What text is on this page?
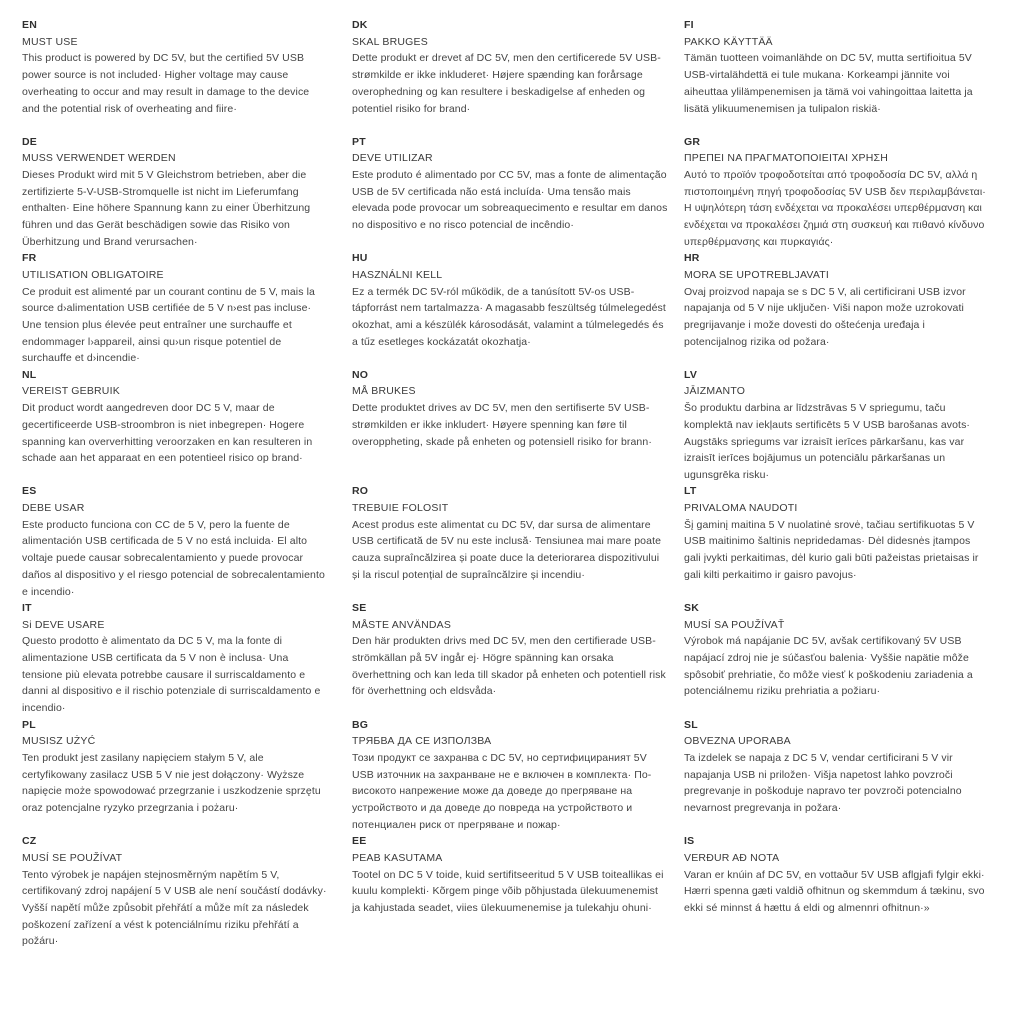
EN
MUST USE

This product is powered by DC 5V, but the certified 5V USB power source is not included· Higher voltage may cause overheating to occur and may result in damage to the device and the potential risk of overheating and fiire·

DE
MUSS VERWENDET WERDEN

Dieses Produkt wird mit 5 V Gleichstrom betrieben, aber die zertifizierte 5-V-USB-Stromquelle ist nicht im Lieferumfang enthalten· Eine höhere Spannung kann zu einer Überhitzung führen und das Gerät beschädigen sowie das Risiko von Überhitzung und Brand verursachen·

FR
UTILISATION OBLIGATOIRE

Ce produit est alimenté par un courant continu de 5 V, mais la source d›alimentation USB certifiée de 5 V n›est pas incluse· Une tension plus élevée peut entraîner une surchauffe et endommager l›appareil, ainsi qu›un risque potentiel de surchauffe et d›incendie·

NL
VEREIST GEBRUIK

Dit product wordt aangedreven door DC 5 V, maar de gecertificeerde USB-stroombron is niet inbegrepen· Hogere spanning kan oververhitting veroorzaken en kan resulteren in schade aan het apparaat en een potentieel risico op brand·

ES
DEBE USAR

Este producto funciona con CC de 5 V, pero la fuente de alimentación USB certificada de 5 V no está incluida· El alto voltaje puede causar sobrecalentamiento y puede provocar daños al dispositivo y el riesgo potencial de sobrecalentamiento e incendio·

IT
Si DEVE USARE

Questo prodotto è alimentato da DC 5 V, ma la fonte di alimentazione USB certificata da 5 V non è inclusa· Una tensione più elevata potrebbe causare il surriscaldamento e danni al dispositivo e il rischio potenziale di surriscaldamento e incendio·

PL
MUSISZ UŻYĆ

Ten produkt jest zasilany napięciem stałym 5 V, ale certyfikowany zasilacz USB 5 V nie jest dołączony· Wyższe napięcie może spowodować przegrzanie i uszkodzenie sprzętu oraz potencjalne ryzyko przegrzania i pożaru·

CZ
MUSÍ SE POUŽÍVAT

Tento výrobek je napájen stejnosměrným napětím 5 V, certifikovaný zdroj napájení 5 V USB ale není součástí dodávky· Vyšší napětí může způsobit přehřátí a může mít za následek poškození zařízení a vést k potenciálnímu riziku přehřátí a požáru·

DK
SKAL BRUGES

Dette produkt er drevet af DC 5V, men den certificerede 5V USB-strømkilde er ikke inkluderet· Højere spænding kan forårsage overophedning og kan resultere i beskadigelse af enheden og potentiel risiko for brand·

PT
DEVE UTILIZAR

Este produto é alimentado por CC 5V, mas a fonte de alimentação USB de 5V certificada não está incluída· Uma tensão mais elevada pode provocar um sobreaquecimento e resultar em danos no dispositivo e no risco potencial de incêndio·

HU
HASZNÁLNI KELL

Ez a termék DC 5V-ról működik, de a tanúsított 5V-os USB-tápforrást nem tartalmazza· A magasabb feszültség túlmelegedést okozhat, ami a készülék károsodását, valamint a túlmelegedés és a tűz esetleges kockázatát okozhatja·

NO
MÅ BRUKES

Dette produktet drives av DC 5V, men den sertifiserte 5V USB-strømkilden er ikke inkludert· Høyere spenning kan føre til overoppheting, skade på enheten og potensiell risiko for brann·

RO
TREBUIE FOLOSIT

Acest produs este alimentat cu DC 5V, dar sursa de alimentare USB certificată de 5V nu este inclusă· Tensiunea mai mare poate cauza supraîncălzirea și poate duce la deteriorarea dispozitivului și la riscul potențial de supraîncălzire și incendiu·

SE
MÅSTE ANVÄNDAS

Den här produkten drivs med DC 5V, men den certifierade USB-strömkällan på 5V ingår ej· Högre spänning kan orsaka överhettning och kan leda till skador på enheten och potentiell risk för överhettning och eldsvåda·

BG
ТРЯБВА ДА СЕ ИЗПОЛЗВА

Този продукт се захранва с DC 5V, но сертифицираният 5V USB източник на захранване не е включен в комплекта· По-високото напрежение може да доведе до прегряване на устройството и да доведе до повреда на устройството и потенциален риск от прегряване и пожар·

EE
PEAB KASUTAMA

Tootel on DC 5 V toide, kuid sertifitseeritud 5 V USB toiteallikas ei kuulu komplekti· Kõrgem pinge võib põhjustada ülekuumenemist ja kahjustada seadet, viies ülekuumenemise ja tulekahju ohuni·

FI
PAKKO KÄYTTÄÄ

Tämän tuotteen voimanlähde on DC 5V, mutta sertifioitua 5V USB-virtalähdettä ei tule mukana· Korkeampi jännite voi aiheuttaa ylilämpenemisen ja tämä voi vahingoittaa laitetta ja lisätä ylikuumenemisen ja tulipalon riskiä·

GR
ΠΡΕΠΕΙ ΝΑ ΠΡΑΓΜΑΤΟΠΟΙΕΙΤΑΙ ΧΡΗΣΗ

Αυτό το προϊόν τροφοδοτείται από τροφοδοσία DC 5V, αλλά η πιστοποιημένη πηγή τροφοδοσίας 5V USB δεν περιλαμβάνεται· Η υψηλότερη τάση ενδέχεται να προκαλέσει υπερθέρμανση και ενδέχεται να προκαλέσει ζημιά στη συσκευή και πιθανό κίνδυνο υπερθέρμανσης και πυρκαγιάς·

HR
MORA SE UPOTREBLJAVATI

Ovaj proizvod napaja se s DC 5 V, ali certificirani USB izvor napajanja od 5 V nije uključen· Viši napon može uzrokovati pregrijavanje i može dovesti do oštećenja uređaja i potencijalnog rizika od požara·

LV
JĀIZMANTO

Šo produktu darbina ar līdzstrāvas 5 V spriegumu, taču komplektā nav iekļauts sertificēts 5 V USB barošanas avots· Augstāks spriegums var izraisīt ierīces pārkaršanu, kas var izraisīt ierīces bojājumus un potenciālu pārkaršanas un ugunsgrēka risku·

LT
PRIVALOMA NAUDOTI

Šį gaminį maitina 5 V nuolatinė srovė, tačiau sertifikuotas 5 V USB maitinimo šaltinis nepridedamas· Dėl didesnės įtampos gali įvykti perkaitimas, dėl kurio gali būti pažeistas prietaisas ir gali kilti perkaitimo ir gaisro pavojus·

SK
MUSÍ SA POUŽÍVAŤ

Výrobok má napájanie DC 5V, avšak certifikovaný 5V USB napájací zdroj nie je súčasťou balenia· Vyššie napätie môže spôsobiť prehriatie, čo môže viesť k poškodeniu zariadenia a potenciálnemu riziku prehriatia a požiaru·

SL
OBVEZNA UPORABA

Ta izdelek se napaja z DC 5 V, vendar certificirani 5 V vir napajanja USB ni priložen· Višja napetost lahko povzroči pregrevanje in poškoduje napravo ter povzroči potencialno nevarnost pregrevanja in požara·

IS
VERÐUR AÐ NOTA

Varan er knúin af DC 5V, en vottaður 5V USB aflgjafi fylgir ekki· Hærri spenna gæti valdið ofhitnun og skemmdum á tækinu, svo ekki sé minnst á hættu á eldi og almennri ofhitnun·»
